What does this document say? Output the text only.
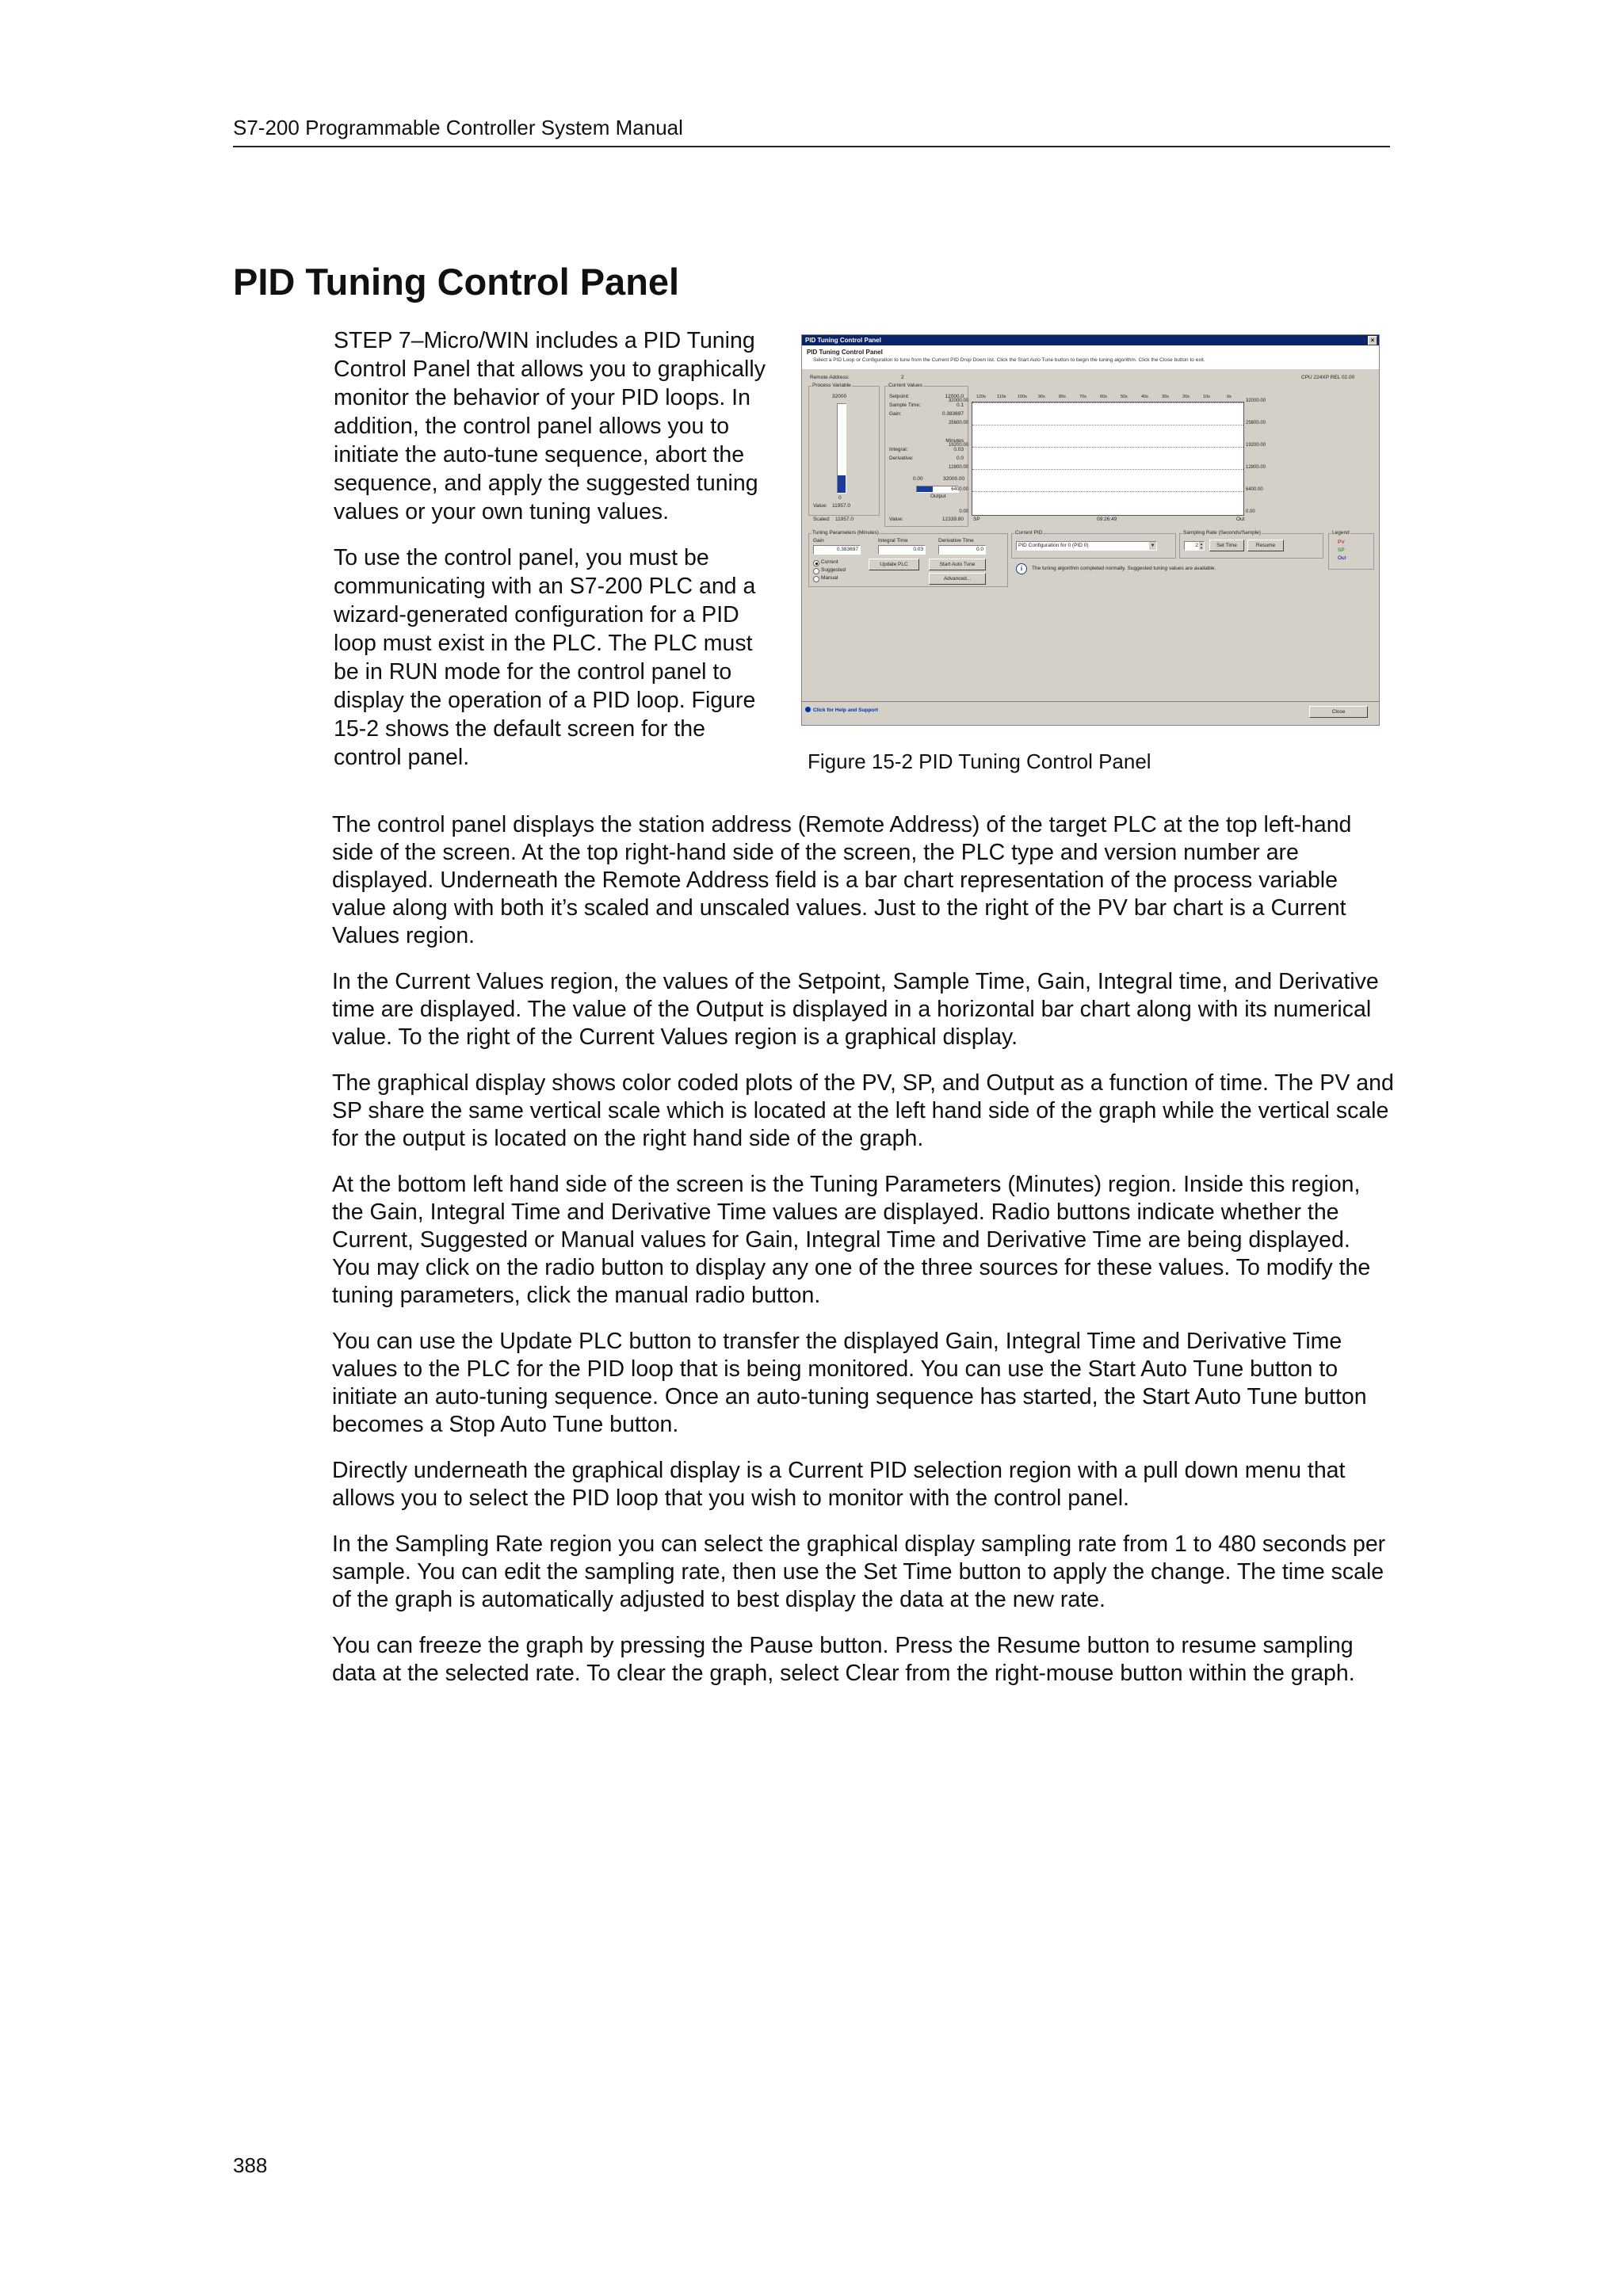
S7-200 Programmable Controller System Manual
PID Tuning Control Panel

STEP 7–Micro/WIN includes a PID Tuning Control Panel that allows you to graphically monitor the behavior of your PID loops. In addition, the control panel allows you to initiate the auto-tune sequence, abort the sequence, and apply the suggested tuning values or your own tuning values.

To use the control panel, you must be communicating with an S7-200 PLC and a wizard-generated configuration for a PID loop must exist in the PLC. The PLC must be in RUN mode for the control panel to display the operation of a PID loop. Figure 15-2 shows the default screen for the control panel.

PID Tuning Control Panel	×
PID Tuning Control Panel
Select a PID Loop or Configuration to tune from the Current PID Drop Down list. Click the Start Auto Tune button to begin the tuning algorithm. Click the Close button to exit.
Remote Address:	2	CPU 224XP REL 02.00
Process Variable
32000
0
Value: 11957.0
Scaled: 11957.0
Current Values
Setpoint:	12000.0
Sample Time:	0.1
Gain:	0.383697
Minutes
Integral:	0.03
Derivative:	0.0
0.00	32000.00
Output
Value:	12339.80
32000.00
25600.00
19200.00
12800.00
6400.00
0.00
32000.00
25600.00
19200.00
12800.00
6400.00
0.00
120s	110s	100s	90s	80s	70s	60s	50s	40s	30s	20s	10s	0s
SP	09:26:49	Out
Tuning Parameters (Minutes)
Gain	Integral Time	Derivative Time
0.383697	0.03	0.0
Current
Suggested
Manual
Update PLC	Start Auto Tune
Advanced...
Current PID
PID Configuration for 0 (PID 0)	▼
Sampling Rate (Seconds/Sample)
2 ▲
▼	Set Time	Resume
Legend
PV
SP
Out
i	The tuning algorithm completed normally. Suggested tuning values are available.
Click for Help and Support	Close
Figure 15-2 PID Tuning Control Panel

The control panel displays the station address (Remote Address) of the target PLC at the top left-hand side of the screen. At the top right-hand side of the screen, the PLC type and version number are displayed. Underneath the Remote Address field is a bar chart representation of the process variable value along with both it’s scaled and unscaled values. Just to the right of the PV bar chart is a Current Values region.

In the Current Values region, the values of the Setpoint, Sample Time, Gain, Integral time, and Derivative time are displayed. The value of the Output is displayed in a horizontal bar chart along with its numerical value. To the right of the Current Values region is a graphical display.

The graphical display shows color coded plots of the PV, SP, and Output as a function of time. The PV and SP share the same vertical scale which is located at the left hand side of the graph while the vertical scale for the output is located on the right hand side of the graph.

At the bottom left hand side of the screen is the Tuning Parameters (Minutes) region. Inside this region, the Gain, Integral Time and Derivative Time values are displayed. Radio buttons indicate whether the Current, Suggested or Manual values for Gain, Integral Time and Derivative Time are being displayed. You may click on the radio button to display any one of the three sources for these values. To modify the tuning parameters, click the manual radio button.

You can use the Update PLC button to transfer the displayed Gain, Integral Time and Derivative Time values to the PLC for the PID loop that is being monitored. You can use the Start Auto Tune button to initiate an auto-tuning sequence. Once an auto-tuning sequence has started, the Start Auto Tune button becomes a Stop Auto Tune button.

Directly underneath the graphical display is a Current PID selection region with a pull down menu that allows you to select the PID loop that you wish to monitor with the control panel.

In the Sampling Rate region you can select the graphical display sampling rate from 1 to 480 seconds per sample. You can edit the sampling rate, then use the Set Time button to apply the change. The time scale of the graph is automatically adjusted to best display the data at the new rate.

You can freeze the graph by pressing the Pause button. Press the Resume button to resume sampling data at the selected rate. To clear the graph, select Clear from the right-mouse button within the graph.

388
